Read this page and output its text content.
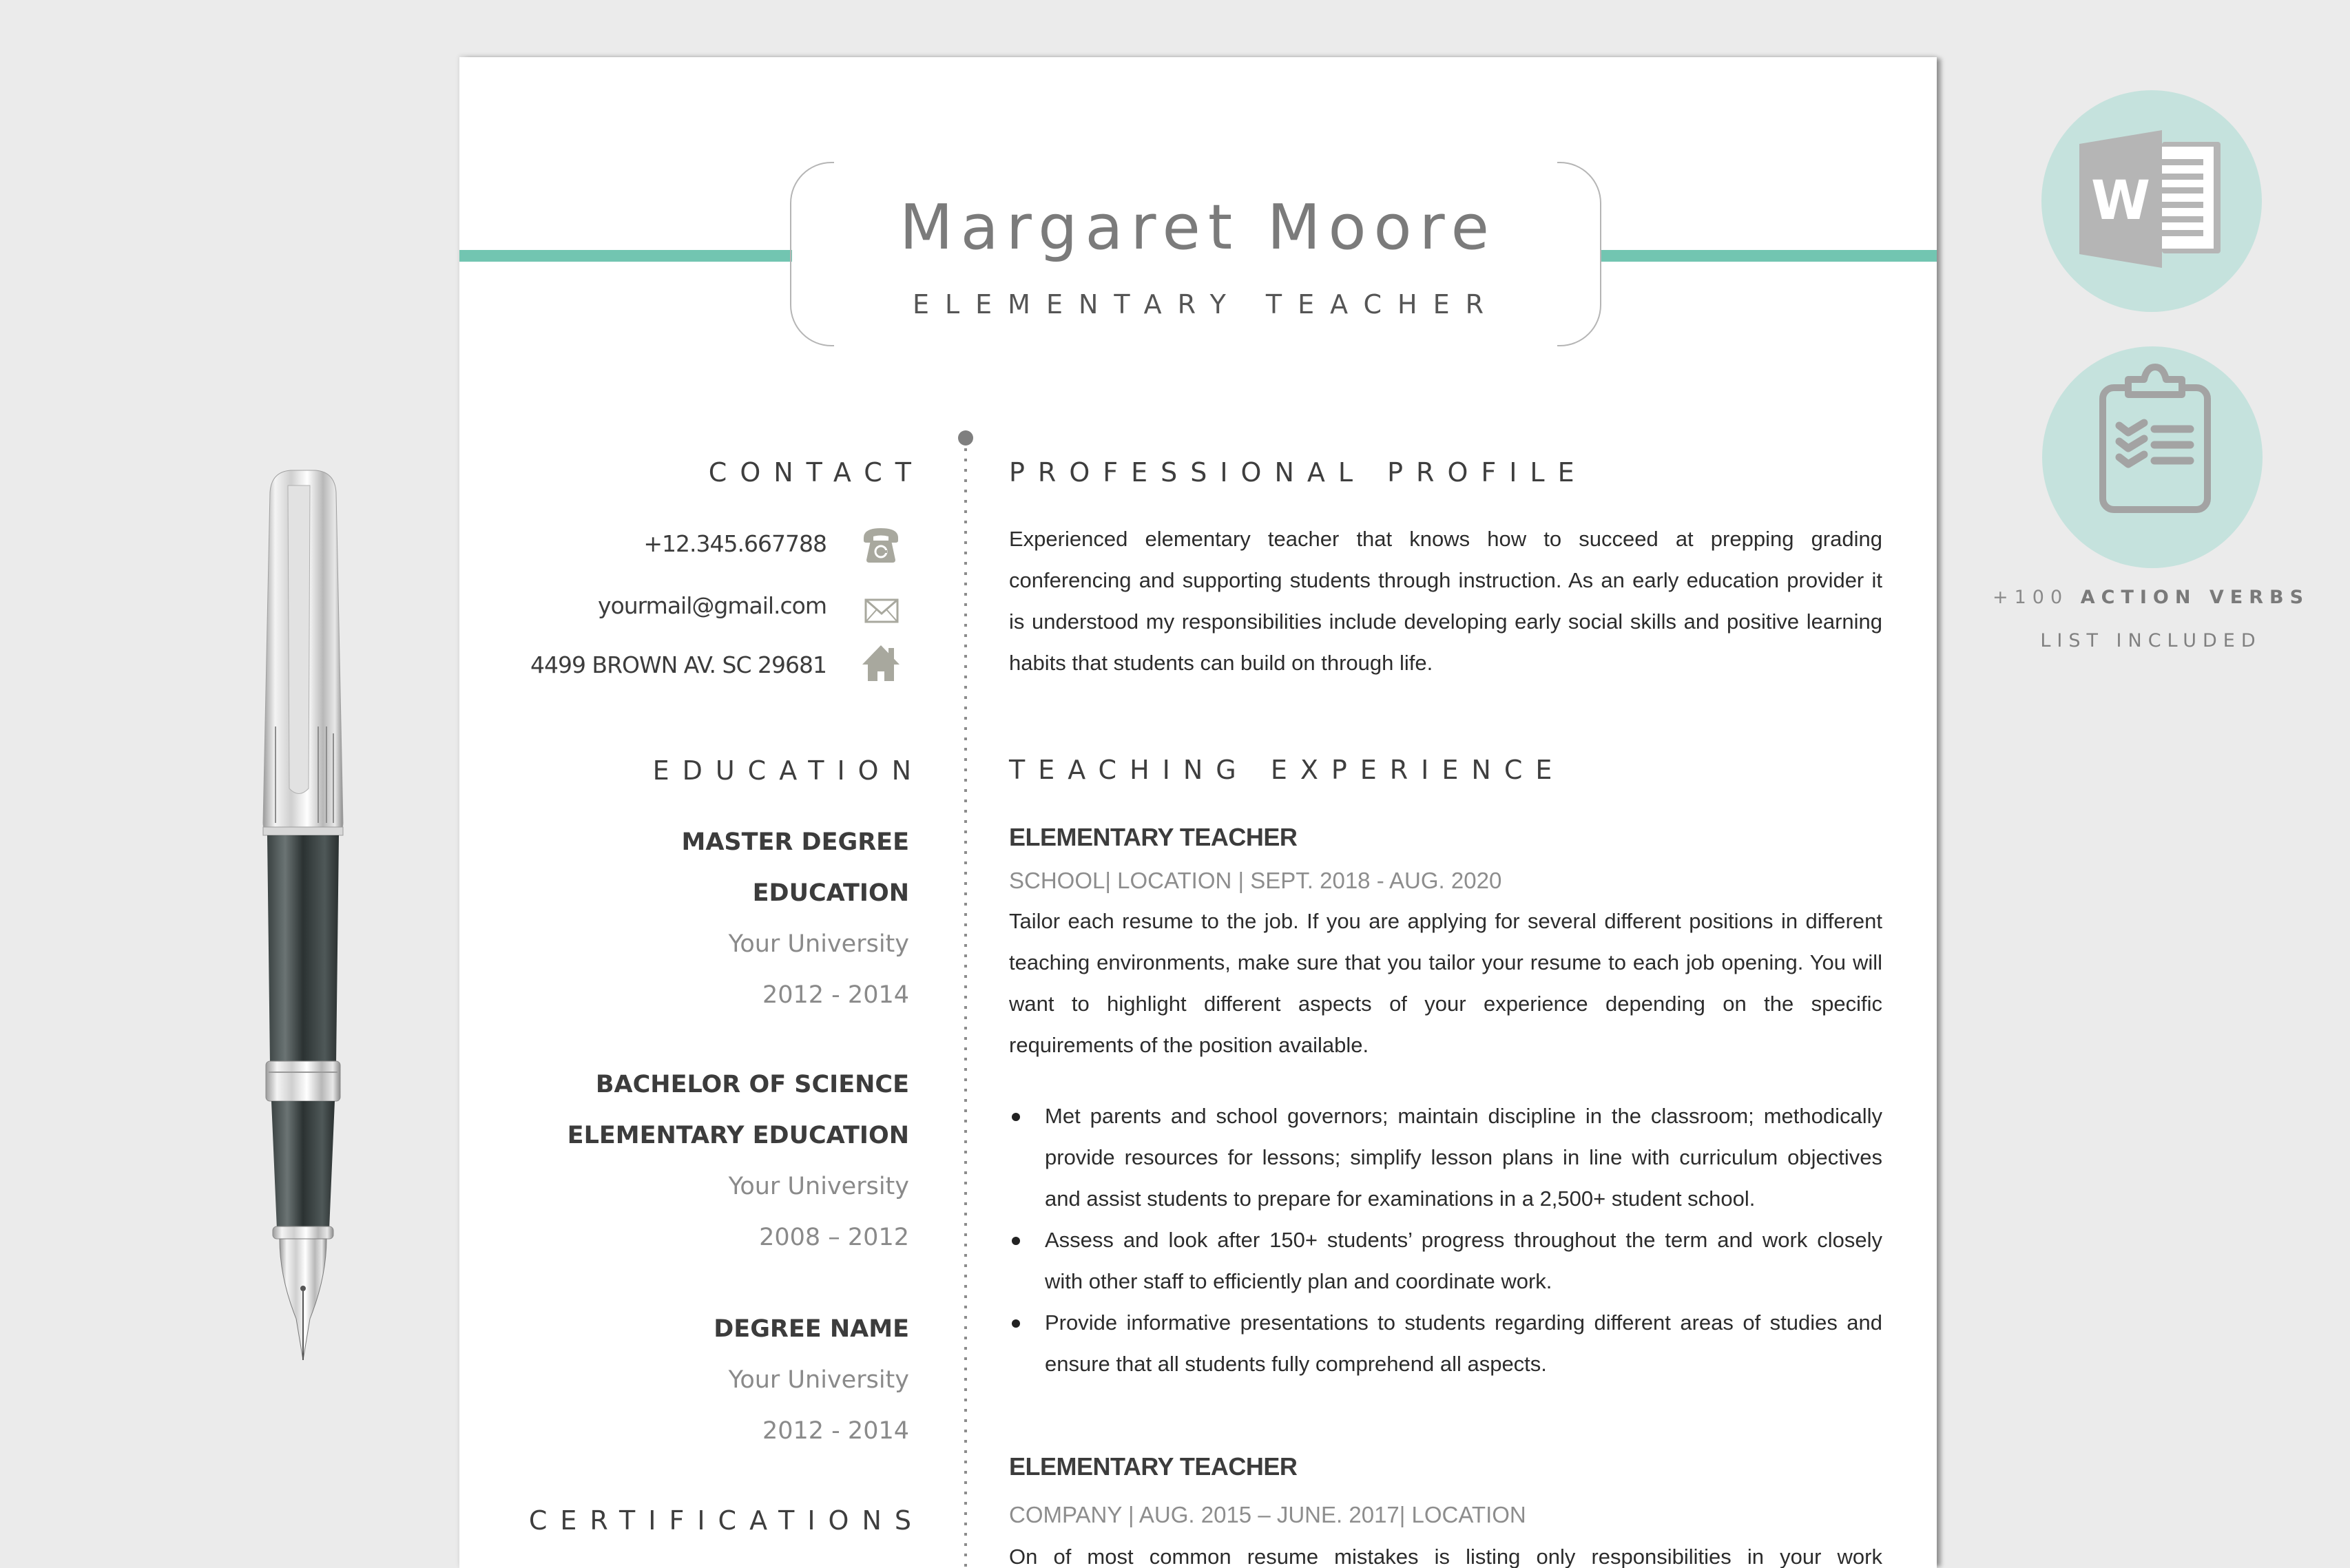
Margaret Moore
ELEMENTARY TEACHER
CONTACT
+12.345.667788
yourmail@gmail.com
4499 BROWN AV. SC 29681
EDUCATION
MASTER DEGREE
EDUCATION
Your University
2012 - 2014
BACHELOR OF SCIENCE
ELEMENTARY EDUCATION
Your University
2008 – 2012
DEGREE NAME
Your University
2012 - 2014
CERTIFICATIONS
PROFESSIONAL PROFILE
Experienced elementary teacher that knows how to succeed at prepping grading conferencing and supporting students through instruction. As an early education provider it is understood my responsibilities include developing early social skills and positive learning habits that students can build on through life.
TEACHING EXPERIENCE
ELEMENTARY TEACHER
SCHOOL| LOCATION | SEPT. 2018 - AUG. 2020
Tailor each resume to the job. If you are applying for several different positions in different teaching environments, make sure that you tailor your resume to each job opening. You will want to highlight different aspects of your experience depending on the specific requirements of the position available.
Met parents and school governors; maintain discipline in the classroom; methodically provide resources for lessons; simplify lesson plans in line with curriculum objectives and assist students to prepare for examinations in a 2,500+ student school.
Assess and look after 150+ students’ progress throughout the term and work closely with other staff to efficiently plan and coordinate work.
Provide informative presentations to students regarding different areas of studies and ensure that all students fully comprehend all aspects.
ELEMENTARY TEACHER
COMPANY | AUG. 2015 – JUNE. 2017| LOCATION
On of most common resume mistakes is listing only responsibilities in your work
W
+100 ACTION VERBS
LIST INCLUDED
